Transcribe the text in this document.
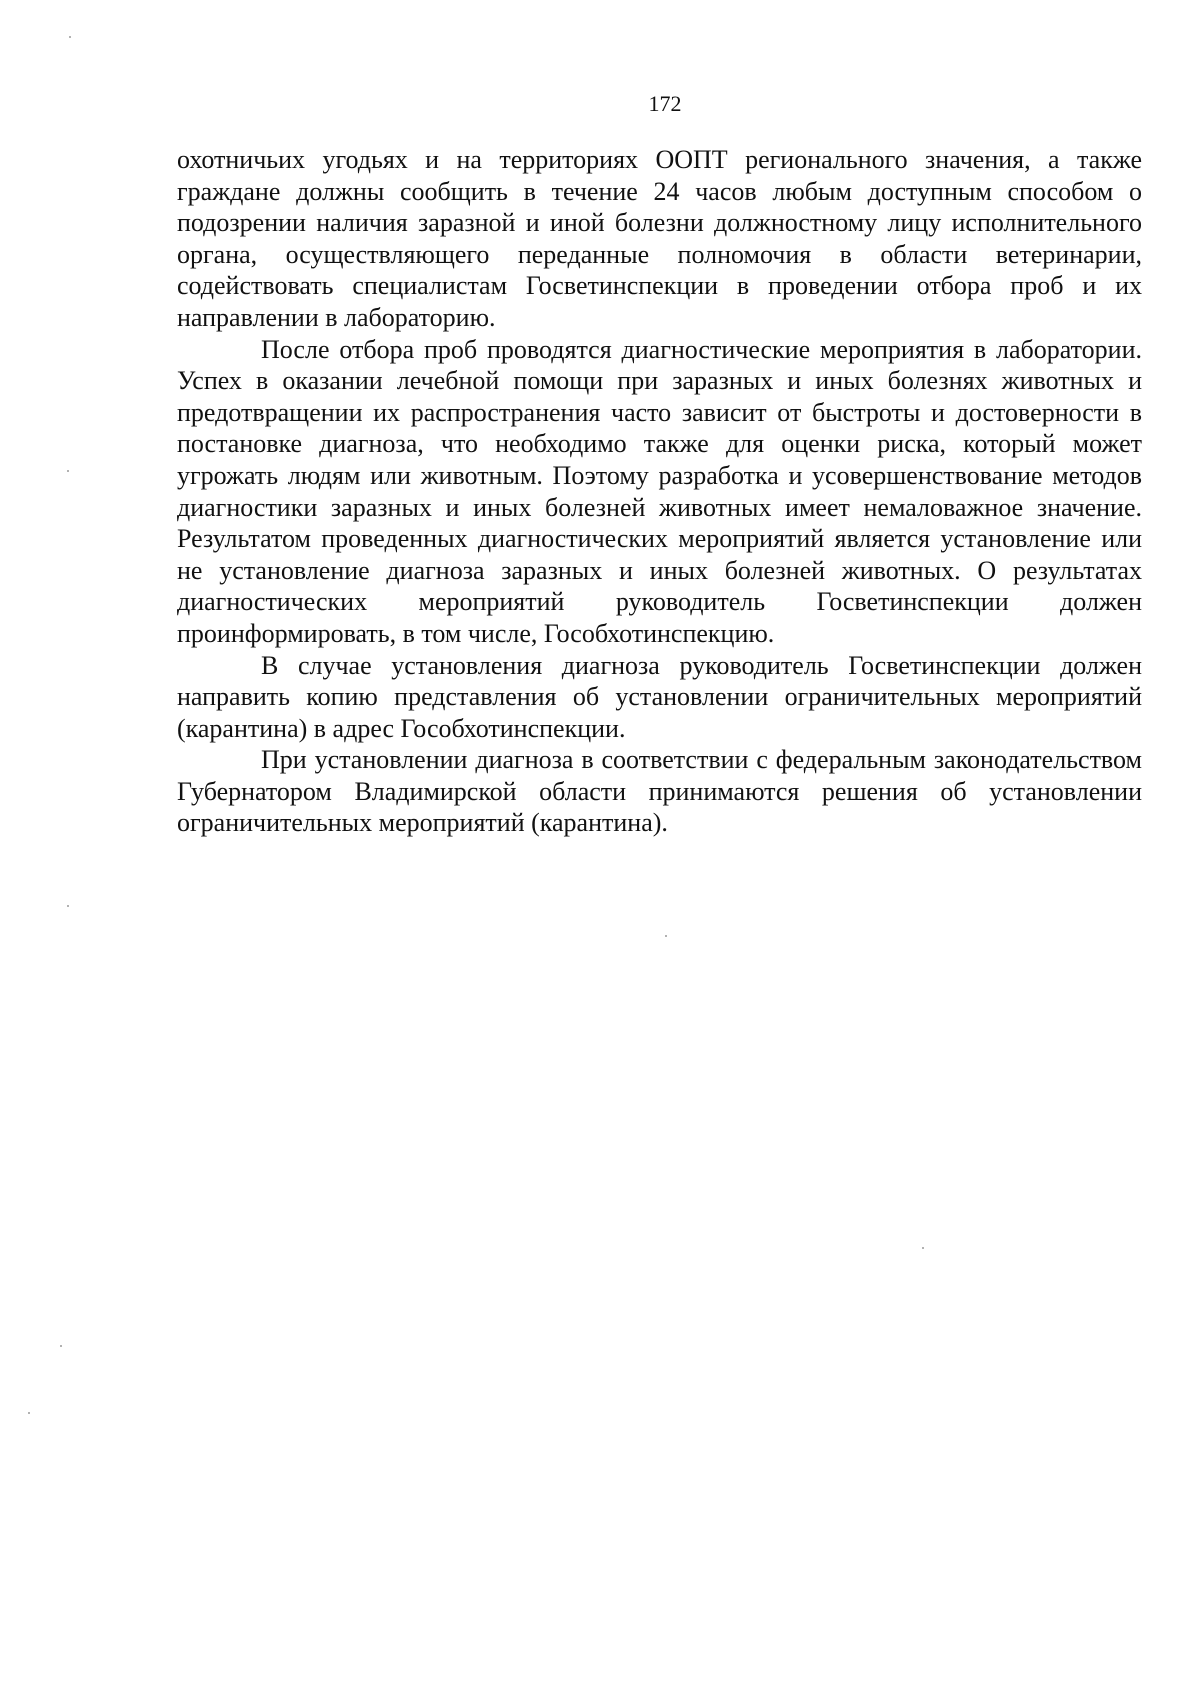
172

охотничьих угодьях и на территориях ООПТ регионального значения, а также граждане должны сообщить в течение 24 часов любым доступным способом о подозрении наличия заразной и иной болезни должностному лицу исполнительного органа, осуществляющего переданные полномочия в области ветеринарии, содействовать специалистам Госветинспекции в проведении отбора проб и их направлении в лабораторию.

После отбора проб проводятся диагностические мероприятия в лаборатории. Успех в оказании лечебной помощи при заразных и иных болезнях животных и предотвращении их распространения часто зависит от быстроты и достоверности в постановке диагноза, что необходимо также для оценки риска, который может угрожать людям или животным. Поэтому разработка и усовершенствование методов диагностики заразных и иных болезней животных имеет немаловажное значение. Результатом проведенных диагностических мероприятий является установление или не установление диагноза заразных и иных болезней животных. О результатах диагностических мероприятий руководитель Госветинспекции должен проинформировать, в том числе, Гособхотинспекцию.

В случае установления диагноза руководитель Госветинспекции должен направить копию представления об установлении ограничительных мероприятий (карантина) в адрес Гособхотинспекции.

При установлении диагноза в соответствии с федеральным законодательством Губернатором Владимирской области принимаются решения об установлении ограничительных мероприятий (карантина).
